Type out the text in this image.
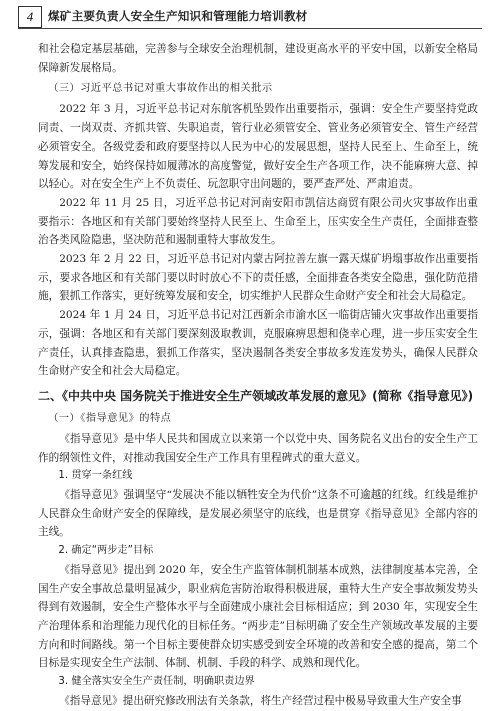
4	煤矿主要负责人安全生产知识和管理能力培训教材

和社会稳定基层基础，完善参与全球安全治理机制，建设更高水平的平安中国，以新安全格局保障新发展格局。

（三）习近平总书记对重大事故作出的相关批示

2022 年 3 月，习近平总书记对东航客机坠毁作出重要指示，强调：安全生产要坚持党政同责、一岗双责、齐抓共管、失职追责，管行业必须管安全、管业务必须管安全、管生产经营必须管安全。各级党委和政府要坚持以人民为中心的发展思想，坚持人民至上、生命至上，统筹发展和安全，始终保持如履薄冰的高度警觉，做好安全生产各项工作，决不能麻痹大意、掉以轻心。对在安全生产上不负责任、玩忽职守出问题的，要严查严处、严肃追责。

2022 年 11 月 25 日，习近平总书记对河南安阳市凯信达商贸有限公司火灾事故作出重要指示：各地区和有关部门要始终坚持人民至上、生命至上，压实安全生产责任，全面排查整治各类风险隐患，坚决防范和遏制重特大事故发生。

2023 年 2 月 22 日，习近平总书记对内蒙古阿拉善左旗一露天煤矿坍塌事故作出重要指示，要求各地区和有关部门要以时时放心不下的责任感，全面排查各类安全隐患，强化防范措施，狠抓工作落实，更好统筹发展和安全，切实维护人民群众生命财产安全和社会大局稳定。

2024 年 1 月 24 日，习近平总书记对江西新余市渝水区一临街店铺火灾事故作出重要指示，强调：各地区和有关部门要深刻汲取教训，克服麻痹思想和侥幸心理，进一步压实安全生产责任，认真排查隐患，狠抓工作落实，坚决遏制各类安全事故多发连发势头，确保人民群众生命财产安全和社会大局稳定。

二、《中共中央 国务院关于推进安全生产领域改革发展的意见》(简称《指导意见》)
（一）《指导意见》的特点

《指导意见》是中华人民共和国成立以来第一个以党中央、国务院名义出台的安全生产工作的纲领性文件，对推动我国安全生产工作具有里程碑式的重大意义。

1. 贯穿一条红线

《指导意见》强调坚守“发展决不能以牺牲安全为代价”这条不可逾越的红线。红线是维护人民群众生命财产安全的保障线，是发展必须坚守的底线，也是贯穿《指导意见》全部内容的主线。

2. 确定“两步走”目标

《指导意见》提出到 2020 年，安全生产监管体制机制基本成熟，法律制度基本完善，全国生产安全事故总量明显减少，职业病危害防治取得积极进展，重特大生产安全事故频发势头得到有效遏制，安全生产整体水平与全面建成小康社会目标相适应；到 2030 年，实现安全生产治理体系和治理能力现代化的目标任务。“两步走”目标明确了安全生产领域改革发展的主要方向和时间路线。第一个目标主要使群众切实感受到安全环境的改善和安全感的提高，第二个目标是实现安全生产法制、体制、机制、手段的科学、成熟和现代化。

3. 健全落实安全生产责任制，明确职责边界

《指导意见》提出研究修改刑法有关条款，将生产经营过程中极易导致重大生产安全事
